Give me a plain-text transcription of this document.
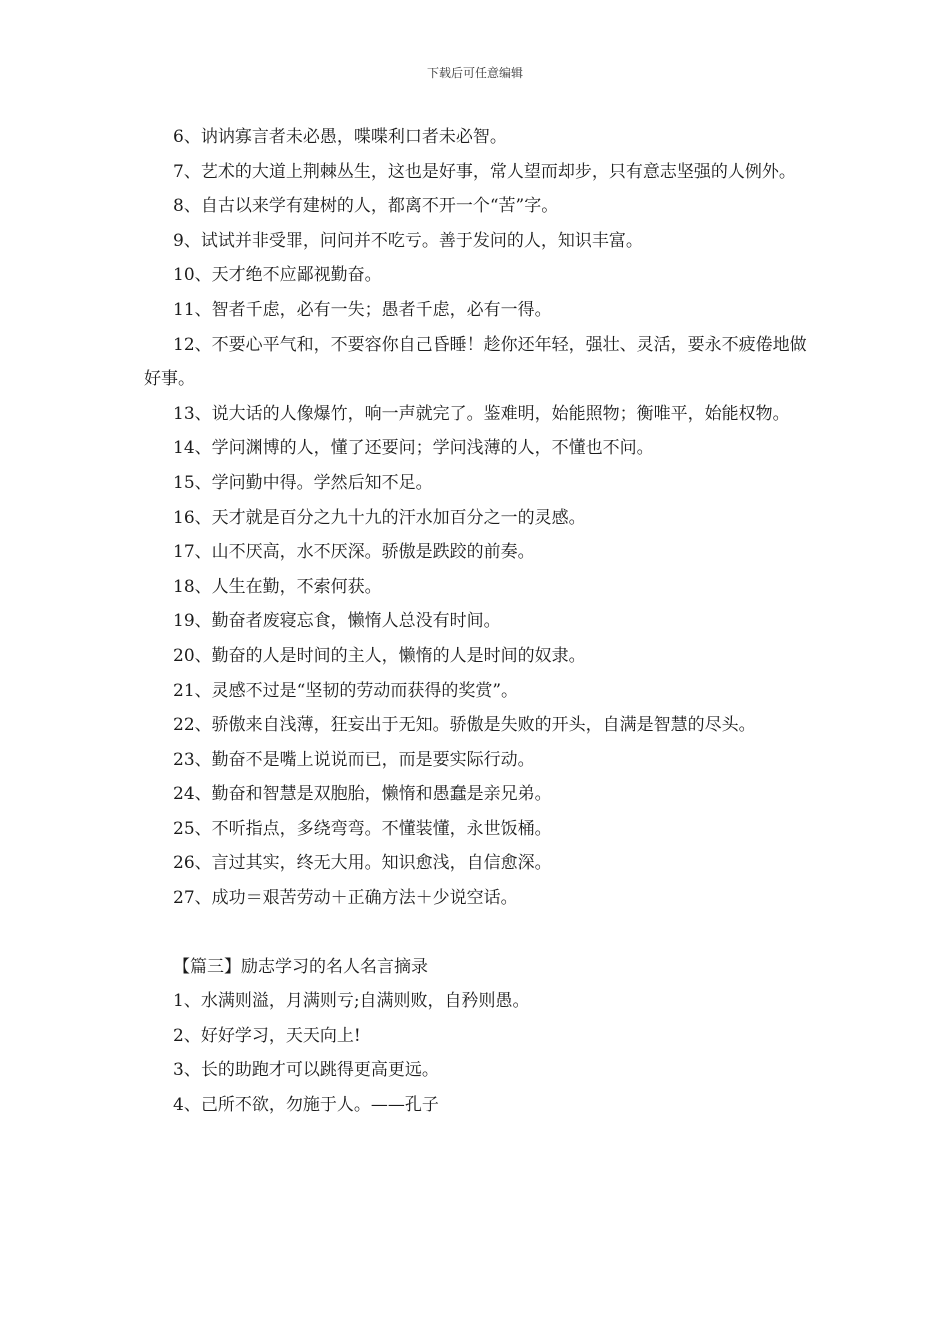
下载后可任意编辑

6、讷讷寡言者未必愚，喋喋利口者未必智。

7、艺术的大道上荆棘丛生，这也是好事，常人望而却步，只有意志坚强的人例外。

8、自古以来学有建树的人，都离不开一个“苦”字。

9、试试并非受罪，问问并不吃亏。善于发问的人，知识丰富。

10、天才绝不应鄙视勤奋。

11、智者千虑，必有一失；愚者千虑，必有一得。

12、不要心平气和，不要容你自己昏睡！趁你还年轻，强壮、灵活，要永不疲倦地做好事。

13、说大话的人像爆竹，响一声就完了。鉴难明，始能照物；衡唯平，始能权物。

14、学问渊博的人，懂了还要问；学问浅薄的人，不懂也不问。

15、学问勤中得。学然后知不足。

16、天才就是百分之九十九的汗水加百分之一的灵感。

17、山不厌高，水不厌深。骄傲是跌跤的前奏。

18、人生在勤，不索何获。

19、勤奋者废寝忘食，懒惰人总没有时间。

20、勤奋的人是时间的主人，懒惰的人是时间的奴隶。

21、灵感不过是“坚韧的劳动而获得的奖赏”。

22、骄傲来自浅薄，狂妄出于无知。骄傲是失败的开头，自满是智慧的尽头。

23、勤奋不是嘴上说说而已，而是要实际行动。

24、勤奋和智慧是双胞胎，懒惰和愚蠢是亲兄弟。

25、不听指点，多绕弯弯。不懂装懂，永世饭桶。

26、言过其实，终无大用。知识愈浅，自信愈深。

27、成功＝艰苦劳动＋正确方法＋少说空话。

【篇三】励志学习的名人名言摘录

1、水满则溢，月满则亏;自满则败，自矜则愚。

2、好好学习，天天向上!

3、长的助跑才可以跳得更高更远。

4、己所不欲，勿施于人。——孔子
